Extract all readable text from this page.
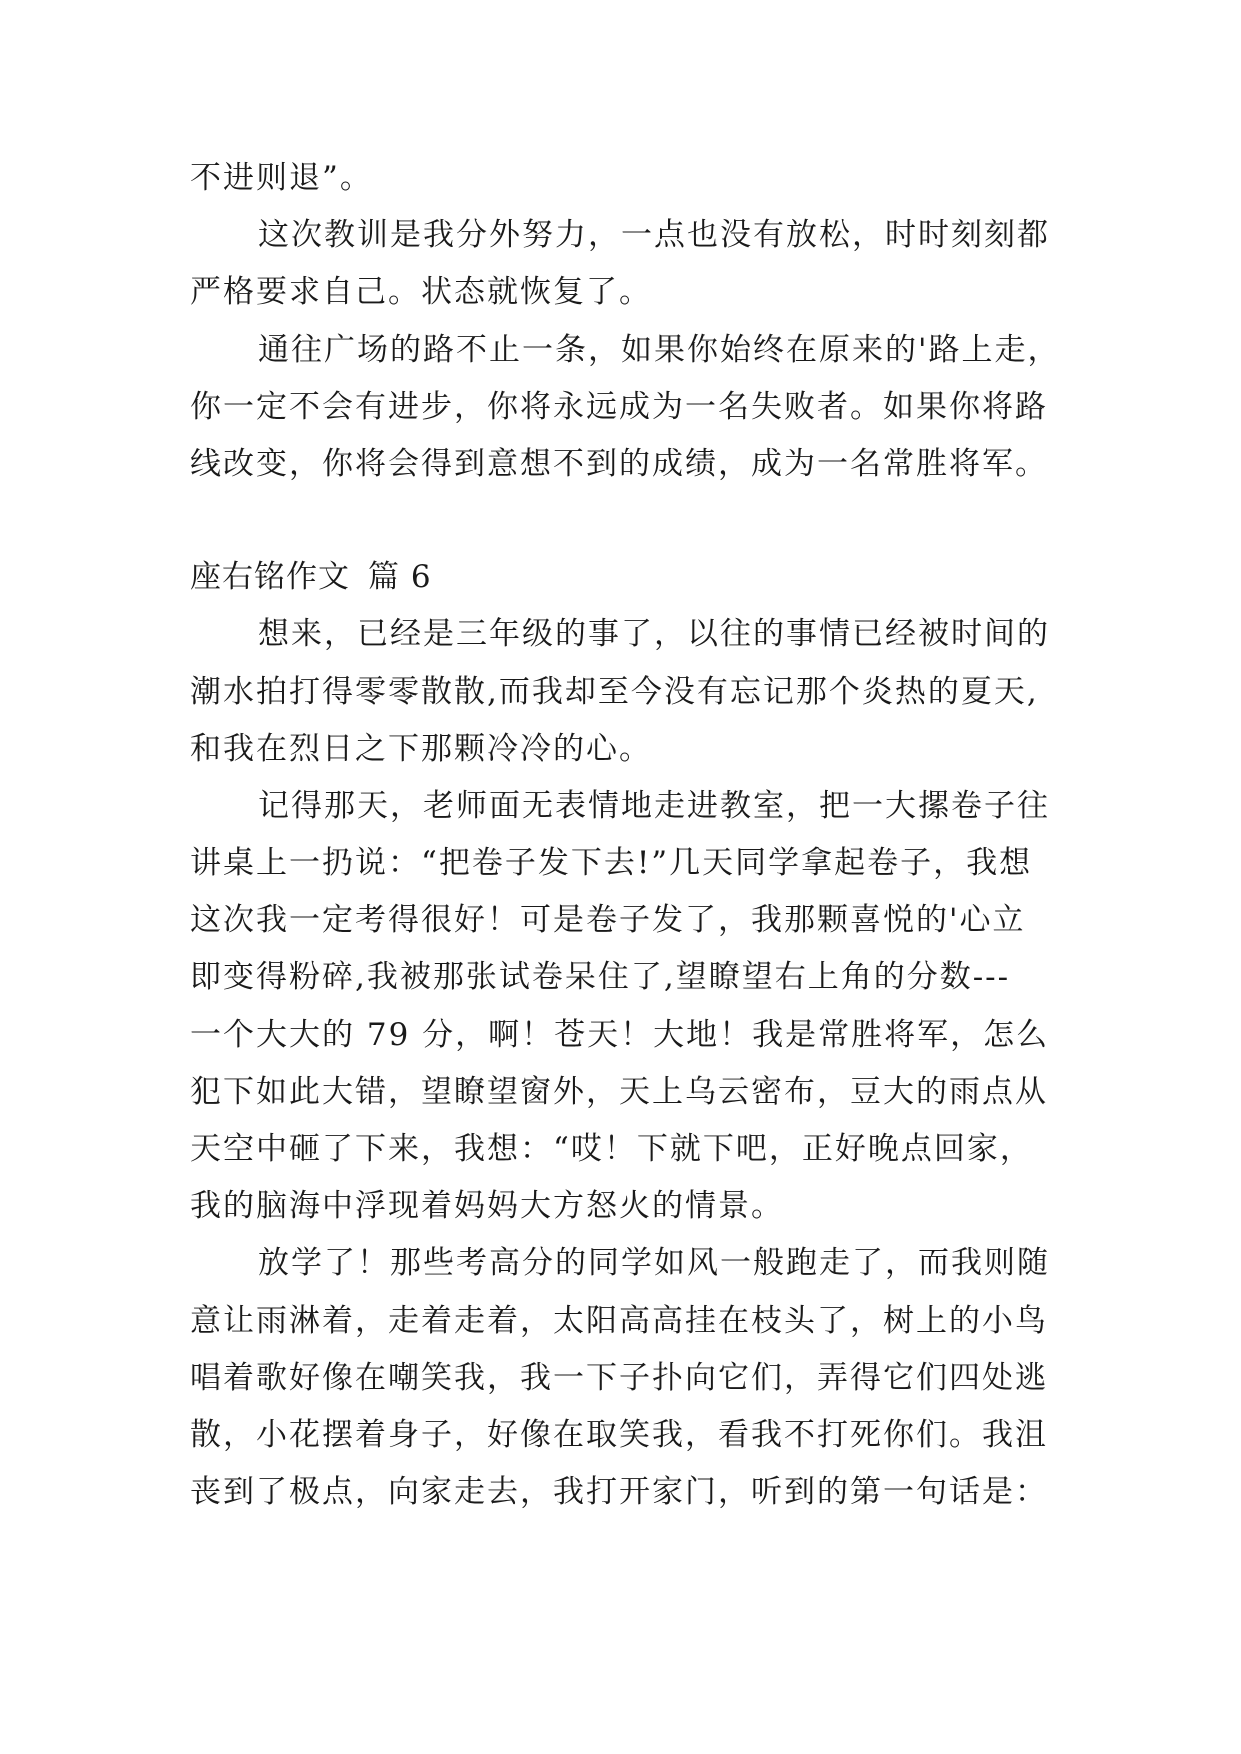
不进则退”。
这次教训是我分外努力，一点也没有放松，时时刻刻都
严格要求自己。状态就恢复了。
通往广场的路不止一条，如果你始终在原来的'路上走，
你一定不会有进步，你将永远成为一名失败者。如果你将路
线改变，你将会得到意想不到的成绩，成为一名常胜将军。
座右铭作文 篇 6
想来，已经是三年级的事了，以往的事情已经被时间的
潮水拍打得零零散散,而我却至今没有忘记那个炎热的夏天,
和我在烈日之下那颗冷冷的心。
记得那天，老师面无表情地走进教室，把一大摞卷子往
讲桌上一扔说：“把卷子发下去!”几天同学拿起卷子，我想
这次我一定考得很好！可是卷子发了，我那颗喜悦的'心立
即变得粉碎,我被那张试卷呆住了,望瞭望右上角的分数---
一个大大的 79 分，啊！苍天！大地！我是常胜将军，怎么
犯下如此大错，望瞭望窗外，天上乌云密布，豆大的雨点从
天空中砸了下来，我想：“哎！下就下吧，正好晚点回家，
我的脑海中浮现着妈妈大方怒火的情景。
放学了！那些考高分的同学如风一般跑走了，而我则随
意让雨淋着，走着走着，太阳高高挂在枝头了，树上的小鸟
唱着歌好像在嘲笑我，我一下子扑向它们，弄得它们四处逃
散，小花摆着身子，好像在取笑我，看我不打死你们。我沮
丧到了极点，向家走去，我打开家门，听到的第一句话是：
